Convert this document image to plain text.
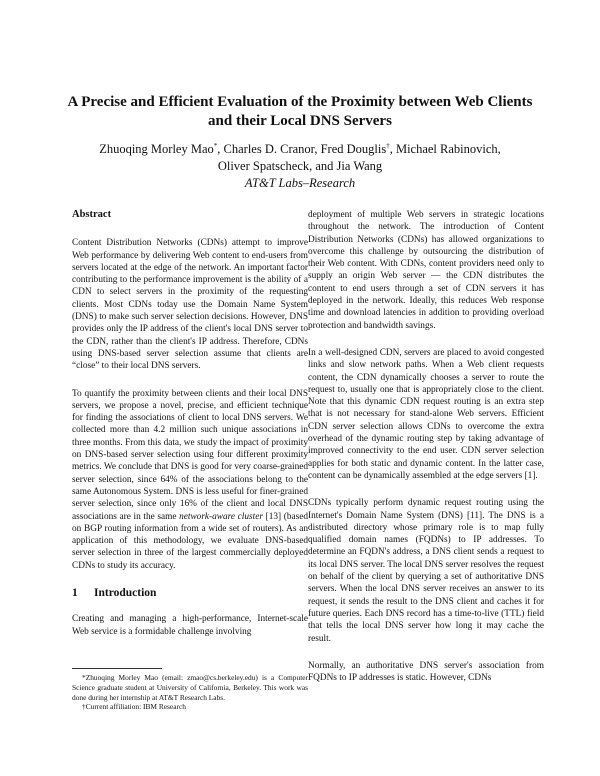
A Precise and Efficient Evaluation of the Proximity between Web Clients
and their Local DNS Servers
Zhuoqing Morley Mao*, Charles D. Cranor, Fred Douglis†, Michael Rabinovich,
Oliver Spatscheck, and Jia Wang
AT&T Labs–Research
Abstract

Content Distribution Networks (CDNs) attempt to improve Web performance by delivering Web content to end-users from servers located at the edge of the network. An important factor contributing to the performance improvement is the ability of a CDN to select servers in the proximity of the requesting clients. Most CDNs today use the Domain Name System (DNS) to make such server selection decisions. However, DNS provides only the IP address of the client's local DNS server to the CDN, rather than the client's IP address. Therefore, CDNs using DNS-based server selection assume that clients are “close” to their local DNS servers.

To quantify the proximity between clients and their local DNS servers, we propose a novel, precise, and efficient technique for finding the associations of client to local DNS servers. We collected more than 4.2 million such unique associations in three months. From this data, we study the impact of proximity on DNS-based server selection using four different proximity metrics. We conclude that DNS is good for very coarse-grained server selection, since 64% of the associations belong to the same Autonomous System. DNS is less useful for finer-grained server selection, since only 16% of the client and local DNS associations are in the same network-aware cluster [13] (based on BGP routing information from a wide set of routers). As an application of this methodology, we evaluate DNS-based server selection in three of the largest commercially deployed CDNs to study its accuracy.

1 Introduction

Creating and managing a high-performance, Internet-scale Web service is a formidable challenge involving

*Zhuoqing Morley Mao (email: zmao@cs.berkeley.edu) is a Computer Science graduate student at University of California, Berkeley. This work was done during her internship at AT&T Research Labs.

†Current affiliation: IBM Research

deployment of multiple Web servers in strategic locations throughout the network. The introduction of Content Distribution Networks (CDNs) has allowed organizations to overcome this challenge by outsourcing the distribution of their Web content. With CDNs, content providers need only to supply an origin Web server — the CDN distributes the content to end users through a set of CDN servers it has deployed in the network. Ideally, this reduces Web response time and download latencies in addition to providing overload protection and bandwidth savings.

In a well-designed CDN, servers are placed to avoid congested links and slow network paths. When a Web client requests content, the CDN dynamically chooses a server to route the request to, usually one that is appropriately close to the client. Note that this dynamic CDN request routing is an extra step that is not necessary for stand-alone Web servers. Efficient CDN server selection allows CDNs to overcome the extra overhead of the dynamic routing step by taking advantage of improved connectivity to the end user. CDN server selection applies for both static and dynamic content. In the latter case, content can be dynamically assembled at the edge servers [1].

CDNs typically perform dynamic request routing using the Internet's Domain Name System (DNS) [11]. The DNS is a distributed directory whose primary role is to map fully qualified domain names (FQDNs) to IP addresses. To determine an FQDN's address, a DNS client sends a request to its local DNS server. The local DNS server resolves the request on behalf of the client by querying a set of authoritative DNS servers. When the local DNS server receives an answer to its request, it sends the result to the DNS client and caches it for future queries. Each DNS record has a time-to-live (TTL) field that tells the local DNS server how long it may cache the result.

Normally, an authoritative DNS server's association from FQDNs to IP addresses is static. However, CDNs
